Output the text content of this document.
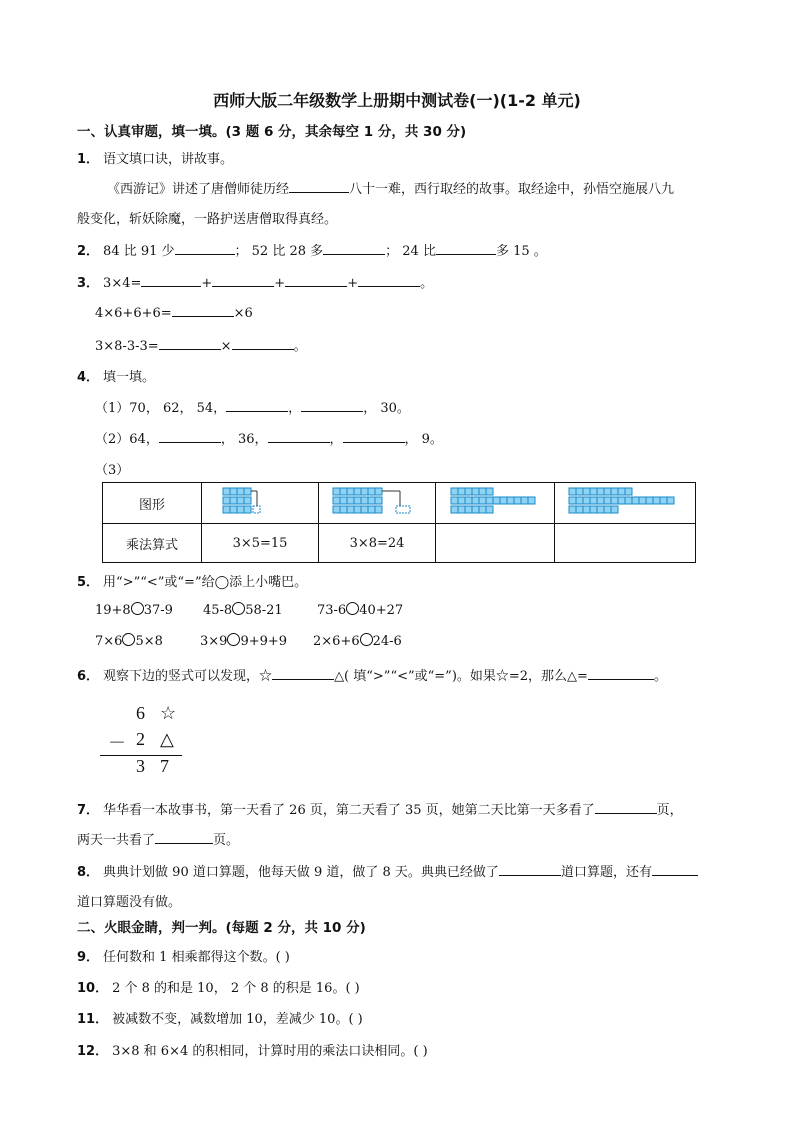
西师大版二年级数学上册期中测试卷(一)(1-2 单元)
一、认真审题，填一填。(3 题 6 分，其余每空 1 分，共 30 分)
1． 语文填口诀，讲故事。
《西游记》讲述了唐僧师徒历经	八十一难，西行取经的故事。取经途中，孙悟空施展八九
般变化，斩妖除魔，一路护送唐僧取得真经。
2． 84 比 91 少	； 52 比 28 多	； 24 比	多 15 。
3． 3×4=	+	+	+	。
4×6+6+6=	×6
3×8-3-3=	×	。
4． 填一填。
（1）70， 62， 54，	，	， 30。
（2）64，	， 36，	，	， 9。
（3）
图形				
乘法算式	3×5=15	3×8=24		
5． 用“>”“<”或“=”给◯添上小嘴巴。
19+8 37-9 45-8 58-21	73-6 40+27
7×6 5×8	3×9 9+9+9 2×6+6 24-6
6． 观察下边的竖式可以发现，☆	△( 填“>”“<”或“=”)。如果☆=2，那么△=	。
6 ☆
－ 2 △
3 7
7． 华华看一本故事书，第一天看了 26 页，第二天看了 35 页，她第二天比第一天多看了	页，
两天一共看了	页。
8． 典典计划做 90 道口算题，他每天做 9 道，做了 8 天。典典已经做了	道口算题，还有
道口算题没有做。
二、火眼金睛，判一判。(每题 2 分，共 10 分)
9． 任何数和 1 相乘都得这个数。( )
10． 2 个 8 的和是 10， 2 个 8 的积是 16。( )
11． 被减数不变，减数增加 10，差减少 10。( )
12． 3×8 和 6×4 的积相同，计算时用的乘法口诀相同。( )
